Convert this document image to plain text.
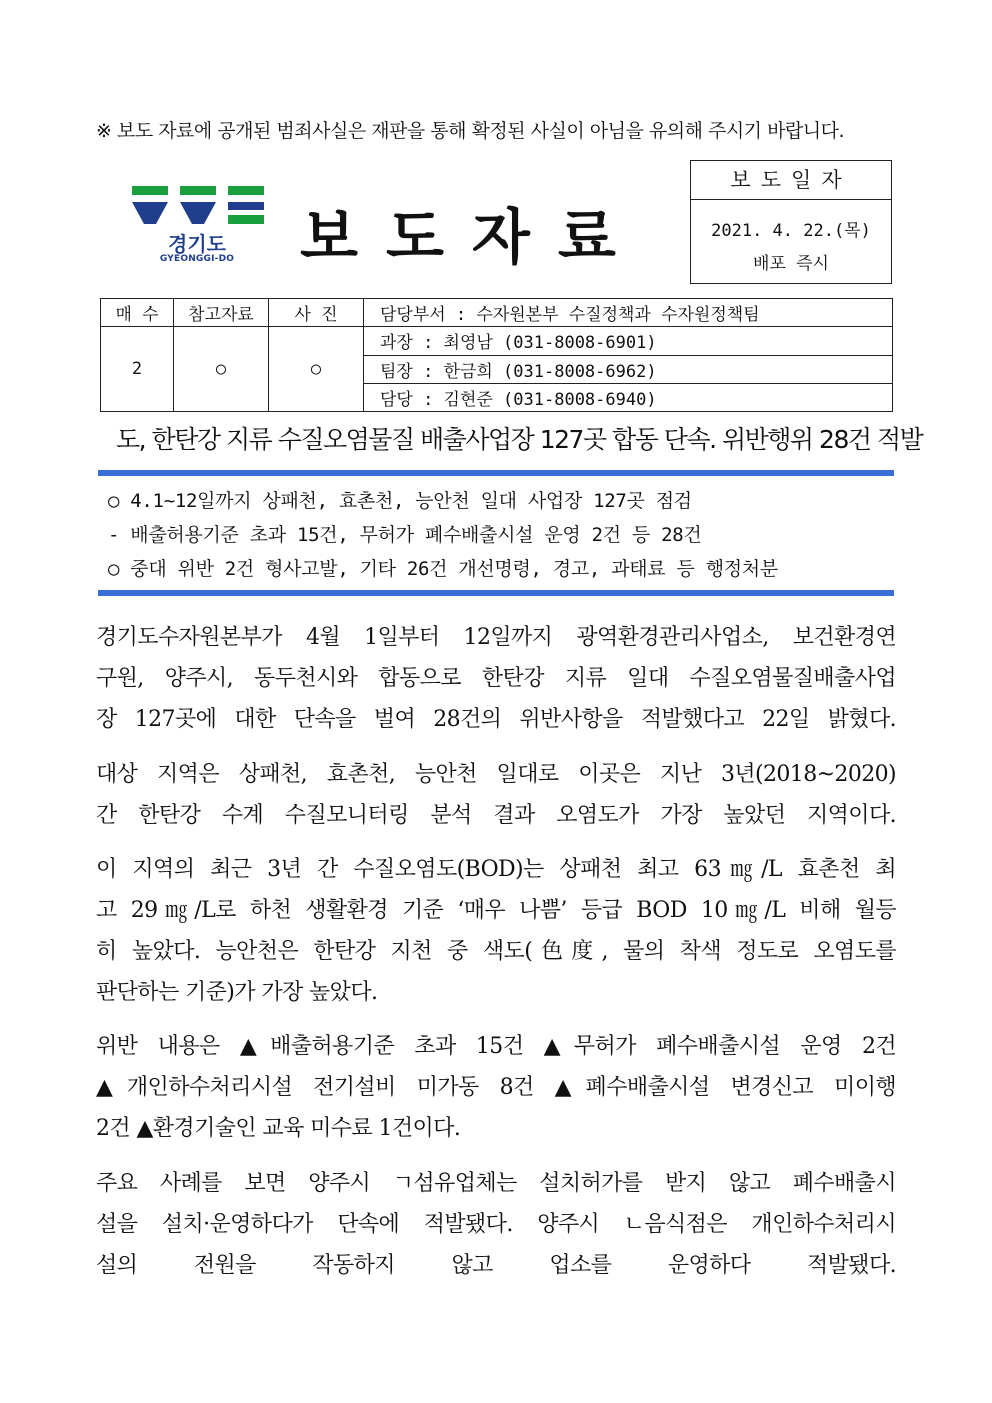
※ 보도 자료에 공개된 범죄사실은 재판을 통해 확정된 사실이 아님을 유의해 주시기 바랍니다.
경기도
GYEONGGI-DO	보도자료
보도일자
2021. 4. 22.(목)
배포 즉시
매 수	참고자료	사 진	담당부서 : 수자원본부 수질정책과 수자원정책팀
2	○	○	과장 : 최영남 (031-8008-6901)
			팀장 : 한금희 (031-8008-6962)
			담당 : 김현준 (031-8008-6940)
도, 한탄강 지류 수질오염물질 배출사업장 127곳 합동 단속. 위반행위 28건 적발
○ 4.1~12일까지 상패천, 효촌천, 능안천 일대 사업장 127곳 점검
- 배출허용기준 초과 15건, 무허가 폐수배출시설 운영 2건 등 28건
○ 중대 위반 2건 형사고발, 기타 26건 개선명령, 경고, 과태료 등 행정처분
경기도수자원본부가 4월 1일부터 12일까지 광역환경관리사업소, 보건환경연
구원, 양주시, 동두천시와 합동으로 한탄강 지류 일대 수질오염물질배출사업
장 127곳에 대한 단속을 벌여 28건의 위반사항을 적발했다고 22일 밝혔다.
대상 지역은 상패천, 효촌천, 능안천 일대로 이곳은 지난 3년(2018~2020)
간 한탄강 수계 수질모니터링 분석 결과 오염도가 가장 높았던 지역이다.
이 지역의 최근 3년 간 수질오염도(BOD)는 상패천 최고 63㎎/L 효촌천 최
고 29㎎/L로 하천 생활환경 기준 ‘매우 나쁨’ 등급 BOD 10㎎/L 비해 월등
히 높았다. 능안천은 한탄강 지천 중 색도(色度, 물의 착색 정도로 오염도를
판단하는 기준)가 가장 높았다.
위반 내용은 ▲배출허용기준 초과 15건 ▲무허가 폐수배출시설 운영 2건
▲개인하수처리시설 전기설비 미가동 8건 ▲폐수배출시설 변경신고 미이행
2건 ▲환경기술인 교육 미수료 1건이다.
주요 사례를 보면 양주시 ㄱ섬유업체는 설치허가를 받지 않고 폐수배출시
설을 설치·운영하다가 단속에 적발됐다. 양주시 ㄴ음식점은 개인하수처리시
설의 전원을 작동하지 않고 업소를 운영하다 적발됐다.
